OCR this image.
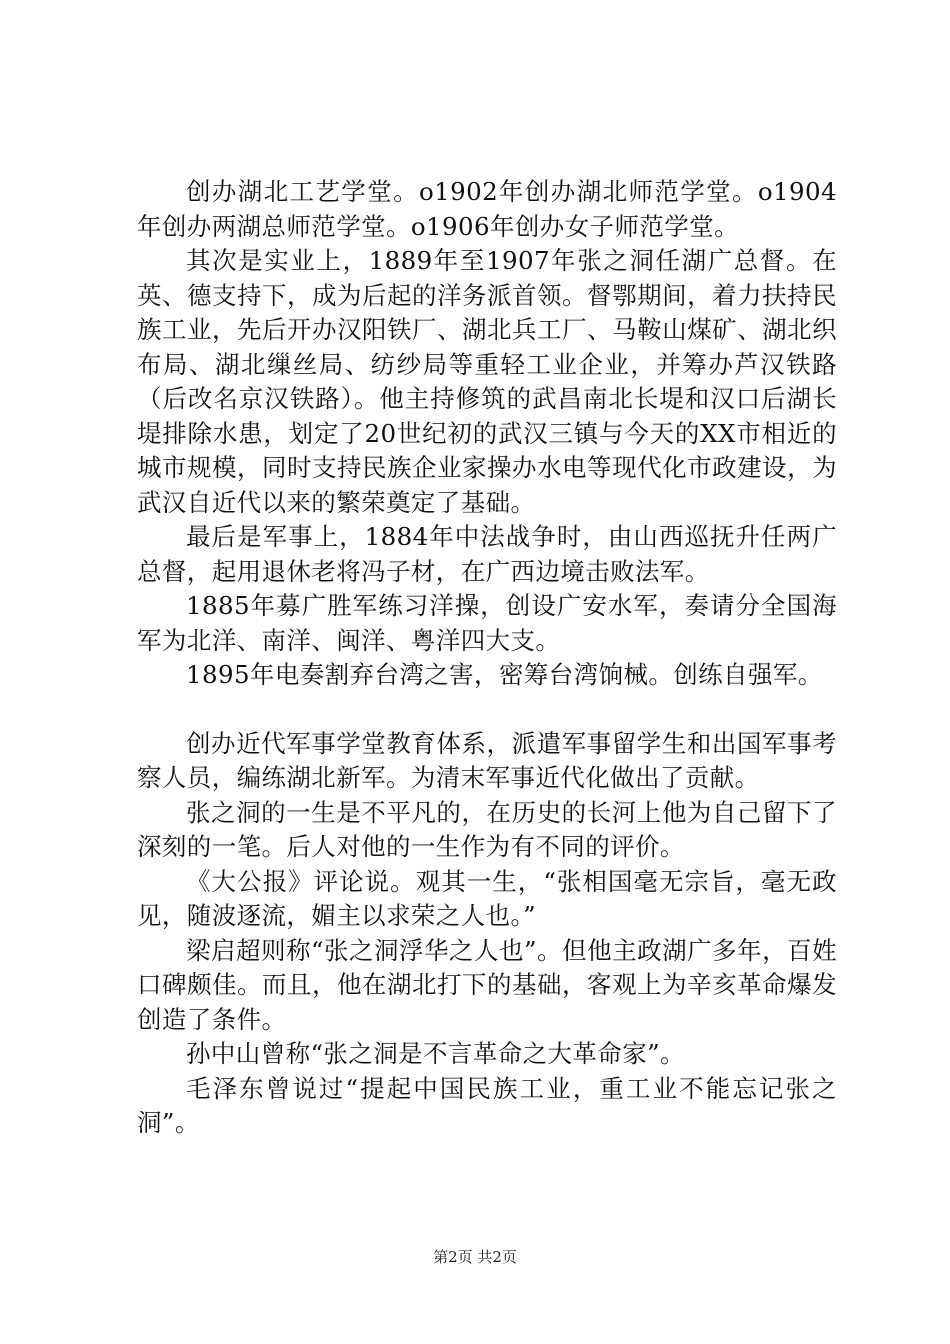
创办湖北工艺学堂。o1902年创办湖北师范学堂。o1904年创办两湖总师范学堂。o1906年创办女子师范学堂。

其次是实业上，1889年至1907年张之洞任湖广总督。在英、德支持下，成为后起的洋务派首领。督鄂期间，着力扶持民族工业，先后开办汉阳铁厂、湖北兵工厂、马鞍山煤矿、湖北织布局、湖北缫丝局、纺纱局等重轻工业企业，并筹办芦汉铁路（后改名京汉铁路）。他主持修筑的武昌南北长堤和汉口后湖长堤排除水患，划定了20世纪初的武汉三镇与今天的XX市相近的城市规模，同时支持民族企业家操办水电等现代化市政建设，为武汉自近代以来的繁荣奠定了基础。

最后是军事上，1884年中法战争时，由山西巡抚升任两广总督，起用退休老将冯子材，在广西边境击败法军。

1885年募广胜军练习洋操，创设广安水军，奏请分全国海军为北洋、南洋、闽洋、粤洋四大支。

1895年电奏割弃台湾之害，密筹台湾饷械。创练自强军。

创办近代军事学堂教育体系，派遣军事留学生和出国军事考察人员，编练湖北新军。为清末军事近代化做出了贡献。

张之洞的一生是不平凡的，在历史的长河上他为自己留下了深刻的一笔。后人对他的一生作为有不同的评价。

《大公报》评论说。观其一生，“张相国毫无宗旨，毫无政见，随波逐流，媚主以求荣之人也。”

梁启超则称“张之洞浮华之人也”。但他主政湖广多年，百姓口碑颇佳。而且，他在湖北打下的基础，客观上为辛亥革命爆发创造了条件。

孙中山曾称“张之洞是不言革命之大革命家”。

毛泽东曾说过“提起中国民族工业，重工业不能忘记张之洞”。

第2页 共2页
